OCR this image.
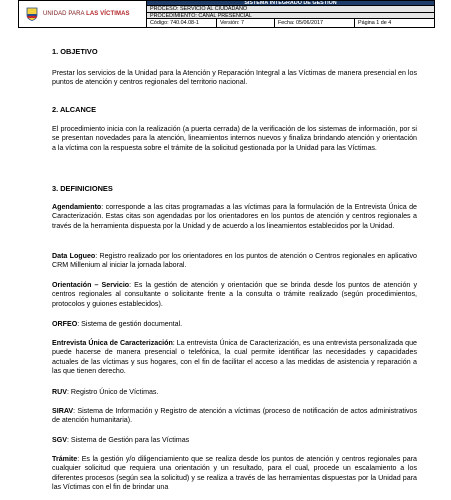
UNIDAD PARA LAS VÍCTIMAS
SISTEMA INTEGRADO DE GESTIÓN
PROCESO: SERVICIO AL CIUDADANO
PROCEDIMIENTO: CANAL PRESENCIAL
Código: 740.04.08-1	Versión: 7	Fecha: 05/06/2017	Página 1 de 4
1. OBJETIVO
Prestar los servicios de la Unidad para la Atención y Reparación Integral a las Víctimas de manera presencial en los puntos de atención y centros regionales del territorio nacional.
2. ALCANCE
El procedimiento inicia con la realización (a puerta cerrada) de la verificación de los sistemas de información, por si se presentan novedades para la atención, lineamientos internos nuevos y finaliza brindando atención y orientación a la víctima con la respuesta sobre el trámite de la solicitud gestionada por la Unidad para las Víctimas.
3. DEFINICIONES
Agendamiento: corresponde a las citas programadas a las víctimas para la formulación de la Entrevista Única de Caracterización. Estas citas son agendadas por los orientadores en los puntos de atención y centros regionales a través de la herramienta dispuesta por la Unidad y de acuerdo a los lineamientos establecidos por la Unidad.
Data Logueo: Registro realizado por los orientadores en los puntos de atención o Centros regionales en aplicativo CRM Millenium al iniciar la jornada laboral.
Orientación – Servicio: Es la gestión de atención y orientación que se brinda desde los puntos de atención y centros regionales al consultante o solicitante frente a la consulta o trámite realizado (según procedimientos, protocolos y guiones establecidos).
ORFEO: Sistema de gestión documental.
Entrevista Única de Caracterización: La entrevista Única de Caracterización, es una entrevista personalizada que puede hacerse de manera presencial o telefónica, la cual permite identificar las necesidades y capacidades actuales de las víctimas y sus hogares, con el fin de facilitar el acceso a las medidas de asistencia y reparación a las que tienen derecho.
RUV: Registro Único de Víctimas.
SIRAV: Sistema de Información y Registro de atención a víctimas (proceso de notificación de actos administrativos de atención humanitaria).
SGV: Sistema de Gestión para las Víctimas
Trámite: Es la gestión y/o diligenciamiento que se realiza desde los puntos de atención y centros regionales para cualquier solicitud que requiera una orientación y un resultado, para el cual, procede un escalamiento a los diferentes procesos (según sea la solicitud) y se realiza a través de las herramientas dispuestas por la Unidad para las Víctimas con el fin de brindar una
